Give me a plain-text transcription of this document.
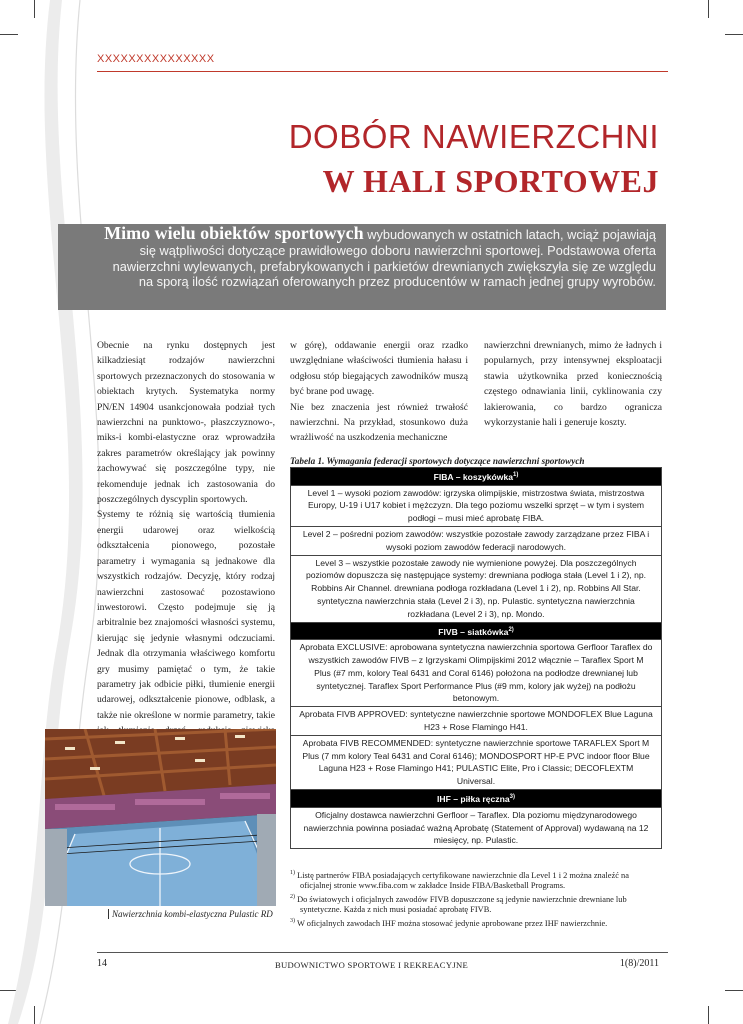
XXXXXXXXXXXXXXX
DOBÓR NAWIERZCHNI
W HALI SPORTOWEJ
Mimo wielu obiektów sportowych wybudowanych w ostatnich latach, wciąż pojawiają się wątpliwości dotyczące prawidłowego doboru nawierzchni sportowej. Podstawowa oferta nawierzchni wylewanych, prefabrykowanych i parkietów drewnianych zwiększyła się ze względu na sporą ilość rozwiązań oferowanych przez producentów w ramach jednej grupy wyrobów.

Obecnie na rynku dostępnych jest kilkadziesiąt rodzajów nawierzchni sportowych przeznaczonych do stosowania w obiektach krytych. Systematyka normy PN/EN 14904 usankcjonowała podział tych nawierzchni na punktowo-, płaszczyznowo-, miks-i kombi-elastyczne oraz wprowadziła zakres parametrów określający jak powinny zachowywać się poszczególne typy, nie rekomenduje jednak ich zastosowania do poszczególnych dyscyplin sportowych.

Systemy te różnią się wartością tłumienia energii udarowej oraz wielkością odkształcenia pionowego, pozostałe parametry i wymagania są jednakowe dla wszystkich rodzajów. Decyzję, który rodzaj nawierzchni zastosować pozostawiono inwestorowi. Często podejmuje się ją arbitralnie bez znajomości własności systemu, kierując się jedynie własnymi odczuciami. Jednak dla otrzymania właściwego komfortu gry musimy pamiętać o tym, że takie parametry jak odbicie piłki, tłumienie energii udarowej, odkształcenie pionowe, odblask, a także nie określone w normie parametry, takie

w górę), oddawanie energii oraz rzadko uwzględniane właściwości tłumienia hałasu i odgłosu stóp biegających zawodników muszą być brane pod uwagę.

Nie bez znaczenia jest również trwałość nawierzchni. Na przykład, stosunkowo duża wrażliwość na uszkodzenia mechaniczne

nawierzchni drewnianych, mimo że ładnych i popularnych, przy intensywnej eksploatacji stawia użytkownika przed koniecznością częstego odnawiania linii, cyklinowania czy lakierowania, co bardzo ogranicza wykorzystanie hali i generuje koszty.

Nawierzchnia kombi-elastyczna Pulastic RD
Tabela 1. Wymagania federacji sportowych dotyczące nawierzchni sportowych
FIBA – koszykówka$^{1)}$
Level 1 – wysoki poziom zawodów: igrzyska olimpijskie, mistrzostwa świata, mistrzostwa Europy, U-19 i U17 kobiet i mężczyzn. Dla tego poziomu wszelki sprzęt – w tym i system podłogi – musi mieć aprobatę FIBA.
Level 2 – pośredni poziom zawodów: wszystkie pozostałe zawody zarządzane przez FIBA i wysoki poziom zawodów federacji narodowych.
Level 3 – wszystkie pozostałe zawody nie wymienione powyżej. Dla poszczególnych poziomów dopuszcza się następujące systemy: drewniana podłoga stała (Level 1 i 2), np. Robbins Air Channel. drewniana podłoga rozkładana (Level 1 i 2), np. Robbins All Star. syntetyczna nawierzchnia stała (Level 2 i 3), np. Pulastic. syntetyczna nawierzchnia rozkładana (Level 2 i 3), np. Mondo.
FIVB – siatkówka$^{2)}$
Aprobata EXCLUSIVE: aprobowana syntetyczna nawierzchnia sportowa Gerfloor Taraflex do wszystkich zawodów FIVB – z Igrzyskami Olimpijskimi 2012 włącznie – Taraflex Sport M Plus (#7 mm, kolory Teal 6431 and Coral 6146) położona na podłodze drewnianej lub syntetycznej. Taraflex Sport Performance Plus (#9 mm, kolory jak wyżej) na podłożu betonowym.
Aprobata FIVB APPROVED: syntetyczne nawierzchnie sportowe MONDOFLEX Blue Laguna H23 + Rose Flamingo H41.
Aprobata FIVB RECOMMENDED: syntetyczne nawierzchnie sportowe TARAFLEX Sport M Plus (7 mm kolory Teal 6431 and Coral 6146); MONDOSPORT HP-E PVC indoor floor Blue Laguna H23 + Rose Flamingo H41; PULASTIC Elite, Pro i Classic; DECOFLEXTM Universal.
IHF – piłka ręczna$^{3)}$
Oficjalny dostawca nawierzchni Gerfloor – Taraflex. Dla poziomu międzynarodowego nawierzchnia powinna posiadać ważną Aprobatę (Statement of Approval) wydawaną na 12 miesięcy, np. Pulastic.

$^{1)}$ Listę partnerów FIBA posiadających certyfikowane nawierzchnie dla Level 1 i 2 można znaleźć na oficjalnej stronie www.fiba.com w zakładce Inside FIBA/Basketball Programs.

$^{2)}$ Do światowych i oficjalnych zawodów FIVB dopuszczone są jedynie nawierzchnie drewniane lub syntetyczne. Każda z nich musi posiadać aprobatę FIVB.

$^{3)}$ W oficjalnych zawodach IHF można stosować jedynie aprobowane przez IHF nawierzchnie.

14	BUDOWNICTWO SPORTOWE I REKREACYJNE	1(8)/2011
